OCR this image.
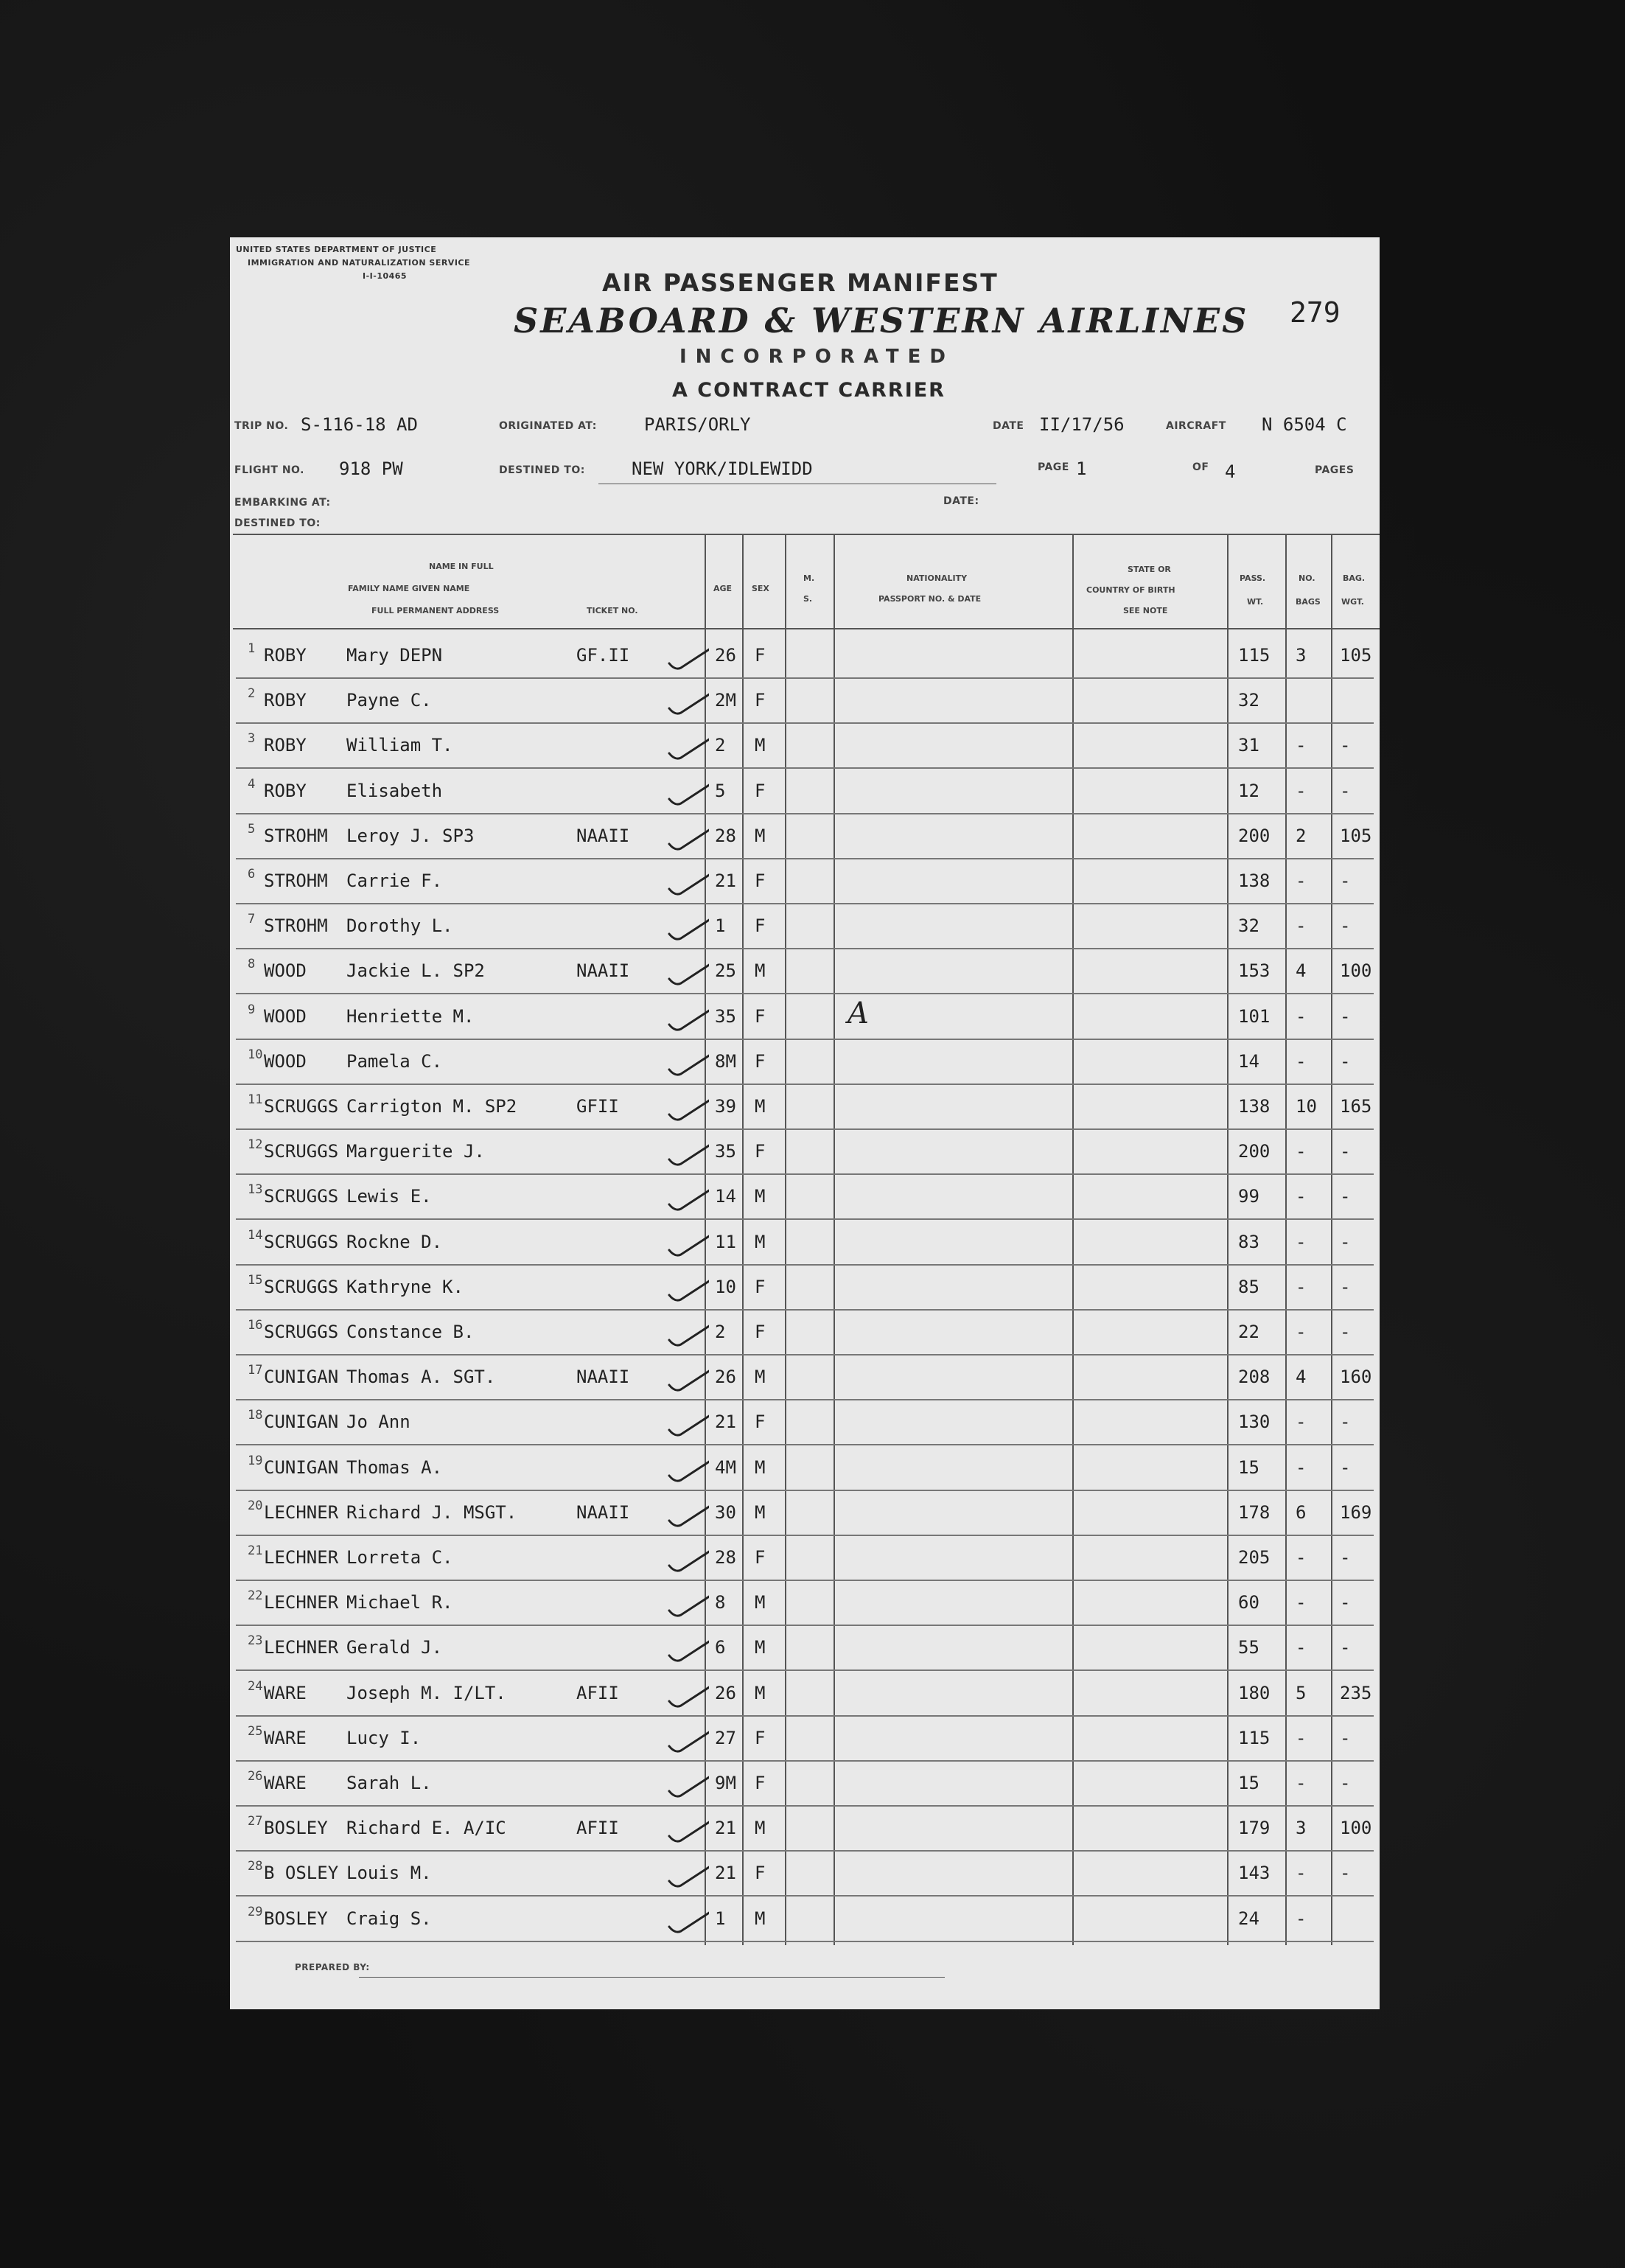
UNITED STATES DEPARTMENT OF JUSTICE
IMMIGRATION AND NATURALIZATION SERVICE
I-I-10465	AIR PASSENGER MANIFEST
SEABOARD & WESTERN AIRLINES
INCORPORATED
A CONTRACT CARRIER
279
TRIP NO. S-116-18 AD	ORIGINATED AT:	PARIS/ORLY	DATE II/17/56	AIRCRAFT N 6504 C
FLIGHT NO. 918 PW	DESTINED TO:	NEW YORK/IDLEWIDD	PAGE 1	OF 4	PAGES
EMBARKING AT:	DATE:
DESTINED TO:
NAME IN FULL
FAMILY NAME GIVEN NAME
FULL PERMANENT ADDRESS	TICKET NO.
AGE SEX
M.
S.
NATIONALITY
PASSPORT NO. & DATE
STATE OR
COUNTRY OF BIRTH
SEE NOTE
PASS.
WT.
NO.
BAGS
BAG.
WGT.
1 ROBY Mary DEPN	GF.II	26 F	115 3 105
2 ROBY Payne C.	2M F	32
3 ROBY William T.	2 M	31 - -
4 ROBY Elisabeth	5 F	12 - -
5 STROHM Leroy J. SP3	NAAII	28 M	200 2 105
6 STROHM Carrie F.	21 F	138 - -
7 STROHM Dorothy L.	1 F	32 - -
8 WOOD Jackie L. SP2	NAAII	25 M	153 4 100
9 WOOD Henriette M.	35 F	101 - -
A
10 WOOD Pamela C.	8M F	14 - -
11 SCRUGGS Carrigton M. SP2	GFII	39 M	138 10 165
12 SCRUGGS Marguerite J.	35 F	200 - -
13 SCRUGGS Lewis E.	14 M	99 - -
14 SCRUGGS Rockne D.	11 M	83 - -
15 SCRUGGS Kathryne K.	10 F	85 - -
16 SCRUGGS Constance B.	2 F	22 - -
17 CUNIGAN Thomas A. SGT.	NAAII	26 M	208 4 160
18 CUNIGAN Jo Ann	21 F	130 - -
19 CUNIGAN Thomas A.	4M M	15 - -
20 LECHNER Richard J. MSGT.	NAAII	30 M	178 6 169
21 LECHNER Lorreta C.	28 F	205 - -
22 LECHNER Michael R.	8 M	60 - -
23 LECHNER Gerald J.	6 M	55 - -
24 WARE Joseph M. I/LT.	AFII	26 M	180 5 235
25 WARE Lucy I.	27 F	115 - -
26 WARE Sarah L.	9M F	15 - -
27 BOSLEY Richard E. A/IC	AFII	21 M	179 3 100
28 B OSLEY Louis M.	21 F	143 - -
29 BOSLEY Craig S.	1 M	24 -
PREPARED BY:
